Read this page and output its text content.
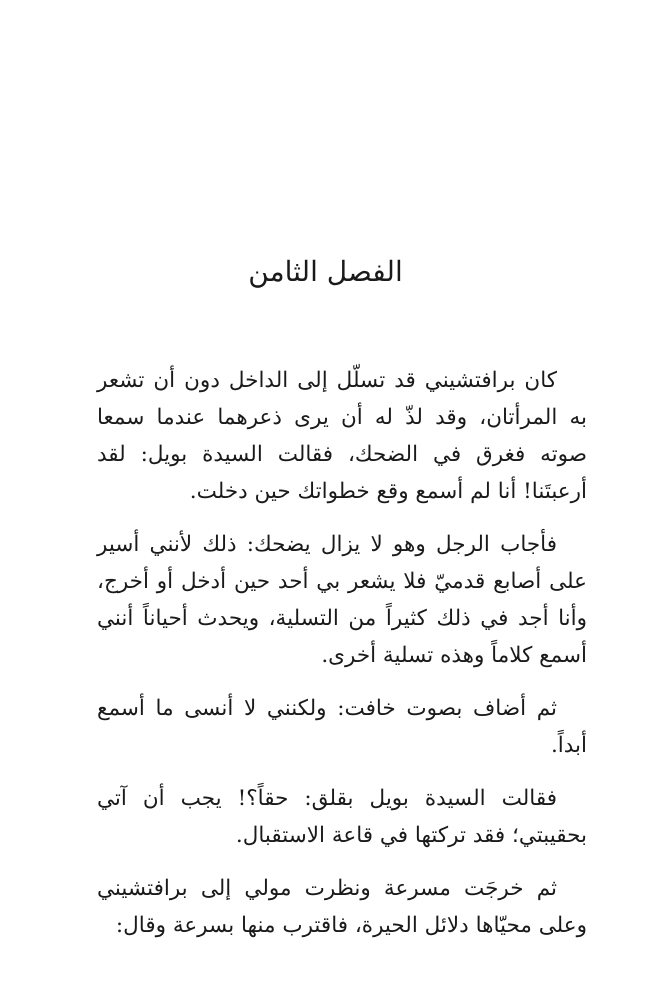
الفصل الثامن

كان برافتشيني قد تسلّل إلى الداخل دون أن تشعر به المرأتان، وقد لذّ له أن يرى ذعرهما عندما سمعا صوته فغرق في الضحك، فقالت السيدة بويل: لقد أرعبتَنا! أنا لم أسمع وقع خطواتك حين دخلت.

فأجاب الرجل وهو لا يزال يضحك: ذلك لأنني أسير على أصابع قدميّ فلا يشعر بي أحد حين أدخل أو أخرج، وأنا أجد في ذلك كثيراً من التسلية، ويحدث أحياناً أنني أسمع كلاماً وهذه تسلية أخرى.

ثم أضاف بصوت خافت: ولكنني لا أنسى ما أسمع أبداً.

فقالت السيدة بويل بقلق: حقاً؟! يجب أن آتي بحقيبتي؛ فقد تركتها في قاعة الاستقبال.

ثم خرجَت مسرعة ونظرت مولي إلى برافتشيني وعلى محيّاها دلائل الحيرة، فاقترب منها بسرعة وقال:
